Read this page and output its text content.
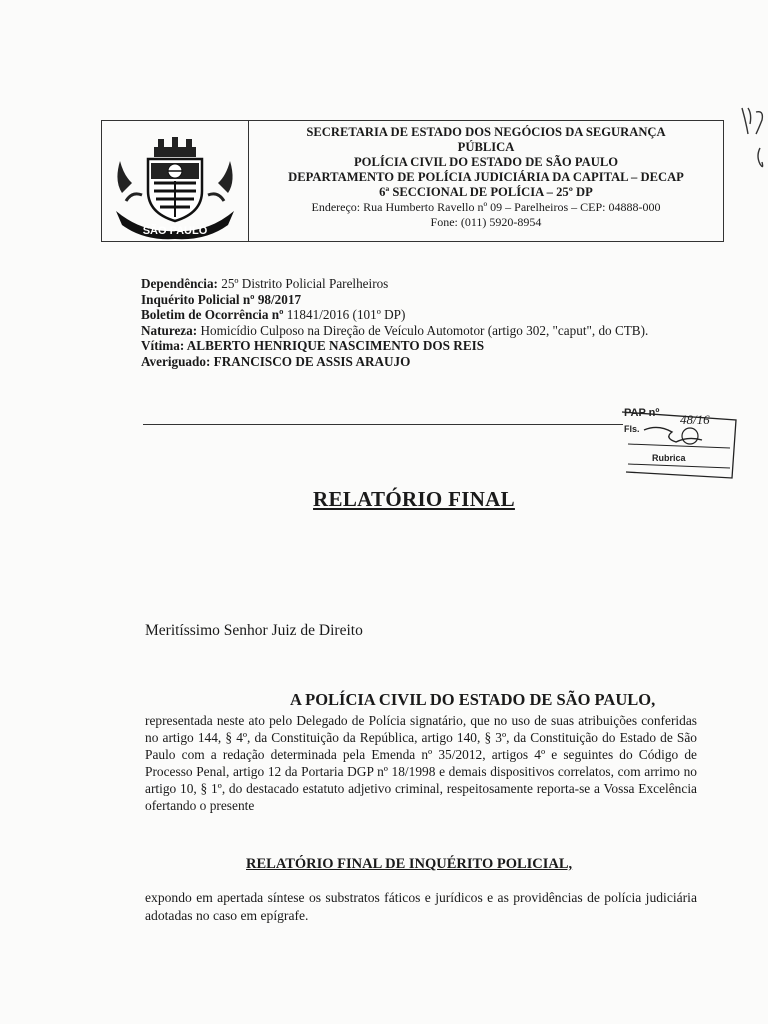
SÃO PAULO
SECRETARIA DE ESTADO DOS NEGÓCIOS DA SEGURANÇA
PÚBLICA
POLÍCIA CIVIL DO ESTADO DE SÃO PAULO
DEPARTAMENTO DE POLÍCIA JUDICIÁRIA DA CAPITAL – DECAP
6ª SECCIONAL DE POLÍCIA – 25º DP
Endereço: Rua Humberto Ravello nº 09 – Parelheiros – CEP: 04888-000
Fone: (011) 5920-8954
Dependência: 25º Distrito Policial Parelheiros
Inquérito Policial nº 98/2017
Boletim de Ocorrência nº 11841/2016 (101º DP)
Natureza: Homicídio Culposo na Direção de Veículo Automotor (artigo 302, "caput", do CTB).
Vítima: ALBERTO HENRIQUE NASCIMENTO DOS REIS
Averiguado: FRANCISCO DE ASSIS ARAUJO
PAP nº
Fls.
48/16
Rubrica
RELATÓRIO FINAL
Meritíssimo Senhor Juiz de Direito
A POLÍCIA CIVIL DO ESTADO DE SÃO PAULO,
representada neste ato pelo Delegado de Polícia signatário, que no uso de suas atribuições conferidas no artigo 144, § 4º, da Constituição da República, artigo 140, § 3º, da Constituição do Estado de São Paulo com a redação determinada pela Emenda nº 35/2012, artigos 4º e seguintes do Código de Processo Penal, artigo 12 da Portaria DGP nº 18/1998 e demais dispositivos correlatos, com arrimo no artigo 10, § 1º, do destacado estatuto adjetivo criminal, respeitosamente reporta-se a Vossa Excelência ofertando o presente
RELATÓRIO FINAL DE INQUÉRITO POLICIAL,
expondo em apertada síntese os substratos fáticos e jurídicos e as providências de polícia judiciária adotadas no caso em epígrafe.
